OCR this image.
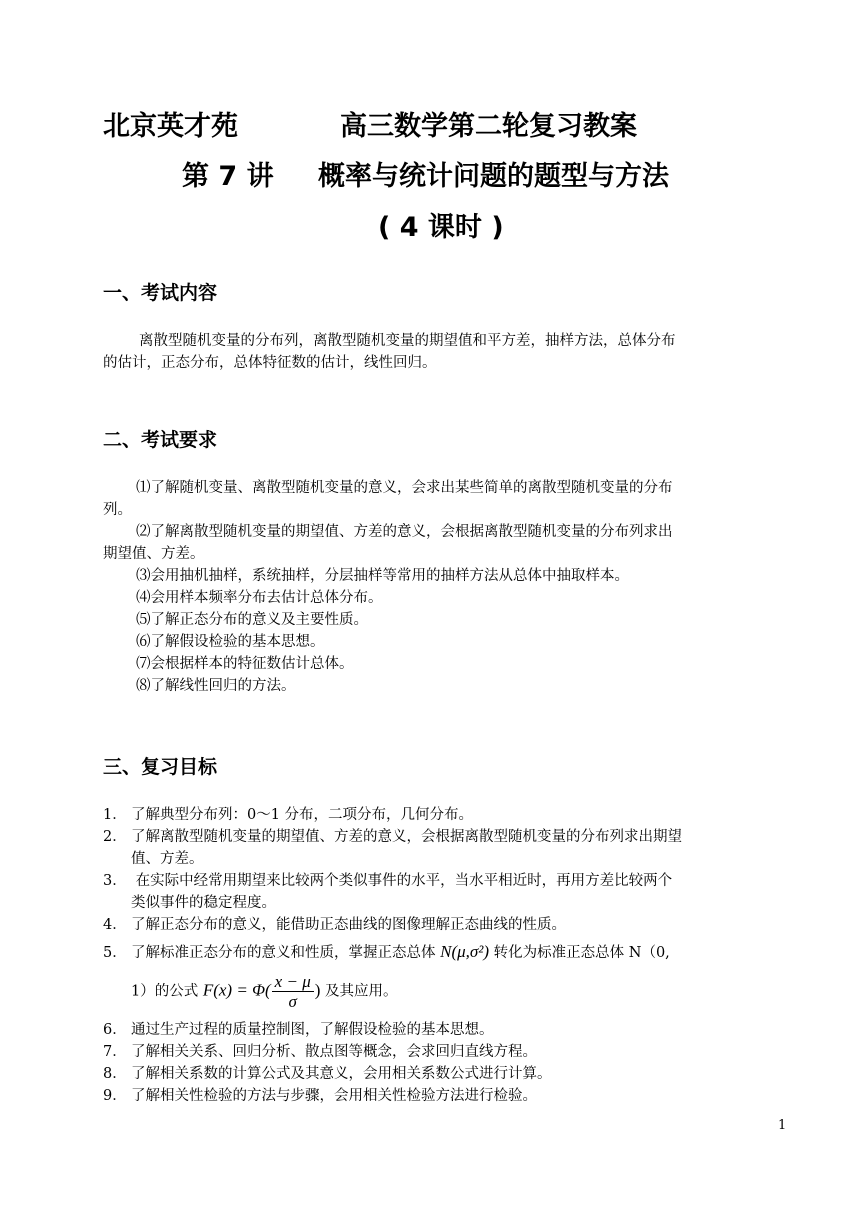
北京英才苑	高三数学第二轮复习教案
第 7 讲 概率与统计问题的题型与方法
( 4 课时 )
一、考试内容
离散型随机变量的分布列，离散型随机变量的期望值和平方差，抽样方法，总体分布
的估计，正态分布，总体特征数的估计，线性回归。
二、考试要求
⑴了解随机变量、离散型随机变量的意义，会求出某些简单的离散型随机变量的分布
列。
⑵了解离散型随机变量的期望值、方差的意义，会根据离散型随机变量的分布列求出
期望值、方差。
⑶会用抽机抽样，系统抽样，分层抽样等常用的抽样方法从总体中抽取样本。
⑷会用样本频率分布去估计总体分布。
⑸了解正态分布的意义及主要性质。
⑹了解假设检验的基本思想。
⑺会根据样本的特征数估计总体。
⑻了解线性回归的方法。
三、复习目标
1． 了解典型分布列：0～1 分布，二项分布，几何分布。
2． 了解离散型随机变量的期望值、方差的意义，会根据离散型随机变量的分布列求出期望
值、方差。
3． 在实际中经常用期望来比较两个类似事件的水平，当水平相近时，再用方差比较两个
类似事件的稳定程度。
4． 了解正态分布的意义，能借助正态曲线的图像理解正态曲线的性质。
5． 了解标准正态分布的意义和性质，掌握正态总体 N(μ,σ²) 转化为标准正态总体 N（0,
1）的公式 $F(x) = \Phi( \frac{x - \mu}{\sigma}$ ) 及其应用。
6． 通过生产过程的质量控制图，了解假设检验的基本思想。
7． 了解相关关系、回归分析、散点图等概念，会求回归直线方程。
8． 了解相关系数的计算公式及其意义，会用相关系数公式进行计算。
9． 了解相关性检验的方法与步骤，会用相关性检验方法进行检验。
1
